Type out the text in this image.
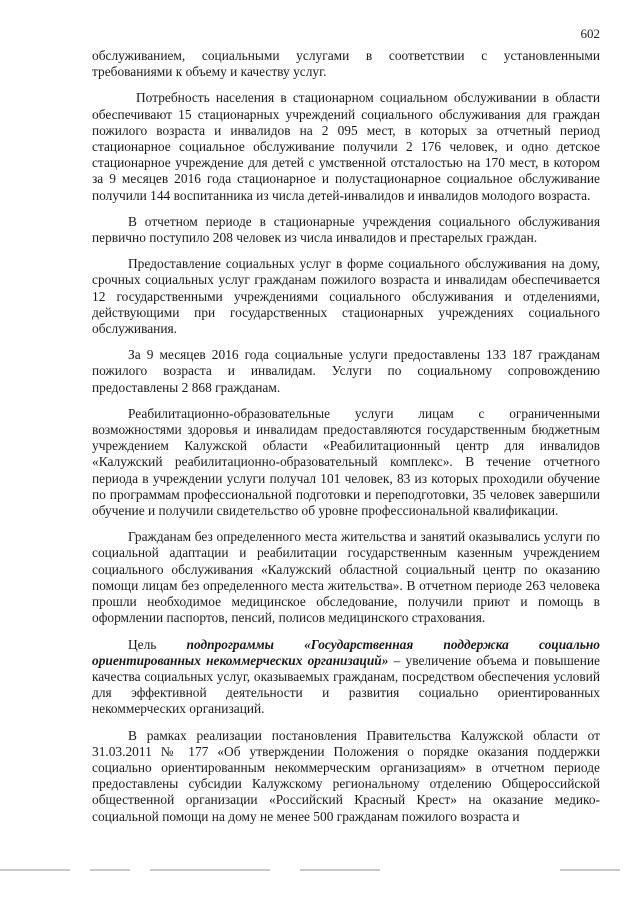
602

обслуживанием, социальными услугами в соответствии с установленными требованиями к объему и качеству услуг.

Потребность населения в стационарном социальном обслуживании в области обеспечивают 15 стационарных учреждений социального обслуживания для граждан пожилого возраста и инвалидов на 2 095 мест, в которых за отчетный период стационарное социальное обслуживание получили 2 176 человек, и одно детское стационарное учреждение для детей с умственной отсталостью на 170 мест, в котором за 9 месяцев 2016 года стационарное и полустационарное социальное обслуживание получили 144 воспитанника из числа детей-инвалидов и инвалидов молодого возраста.

В отчетном периоде в стационарные учреждения социального обслуживания первично поступило 208 человек из числа инвалидов и престарелых граждан.

Предоставление социальных услуг в форме социального обслуживания на дому, срочных социальных услуг гражданам пожилого возраста и инвалидам обеспечивается 12 государственными учреждениями социального обслуживания и отделениями, действующими при государственных стационарных учреждениях социального обслуживания.

За 9 месяцев 2016 года социальные услуги предоставлены 133 187 гражданам пожилого возраста и инвалидам. Услуги по социальному сопровождению предоставлены 2 868 гражданам.

Реабилитационно-образовательные услуги лицам с ограниченными возможностями здоровья и инвалидам предоставляются государственным бюджетным учреждением Калужской области «Реабилитационный центр для инвалидов «Калужский реабилитационно-образовательный комплекс». В течение отчетного периода в учреждении услуги получал 101 человек, 83 из которых проходили обучение по программам профессиональной подготовки и переподготовки, 35 человек завершили обучение и получили свидетельство об уровне профессиональной квалификации.

Гражданам без определенного места жительства и занятий оказывались услуги по социальной адаптации и реабилитации государственным казенным учреждением социального обслуживания «Калужский областной социальный центр по оказанию помощи лицам без определенного места жительства». В отчетном периоде 263 человека прошли необходимое медицинское обследование, получили приют и помощь в оформлении паспортов, пенсий, полисов медицинского страхования.

Цель подпрограммы «Государственная поддержка социально ориентированных некоммерческих организаций» – увеличение объема и повышение качества социальных услуг, оказываемых гражданам, посредством обеспечения условий для эффективной деятельности и развития социально ориентированных некоммерческих организаций.

В рамках реализации постановления Правительства Калужской области от 31.03.2011 № 177 «Об утверждении Положения о порядке оказания поддержки социально ориентированным некоммерческим организациям» в отчетном периоде предоставлены субсидии Калужскому региональному отделению Общероссийской общественной организации «Российский Красный Крест» на оказание медико-социальной помощи на дому не менее 500 гражданам пожилого возраста и
